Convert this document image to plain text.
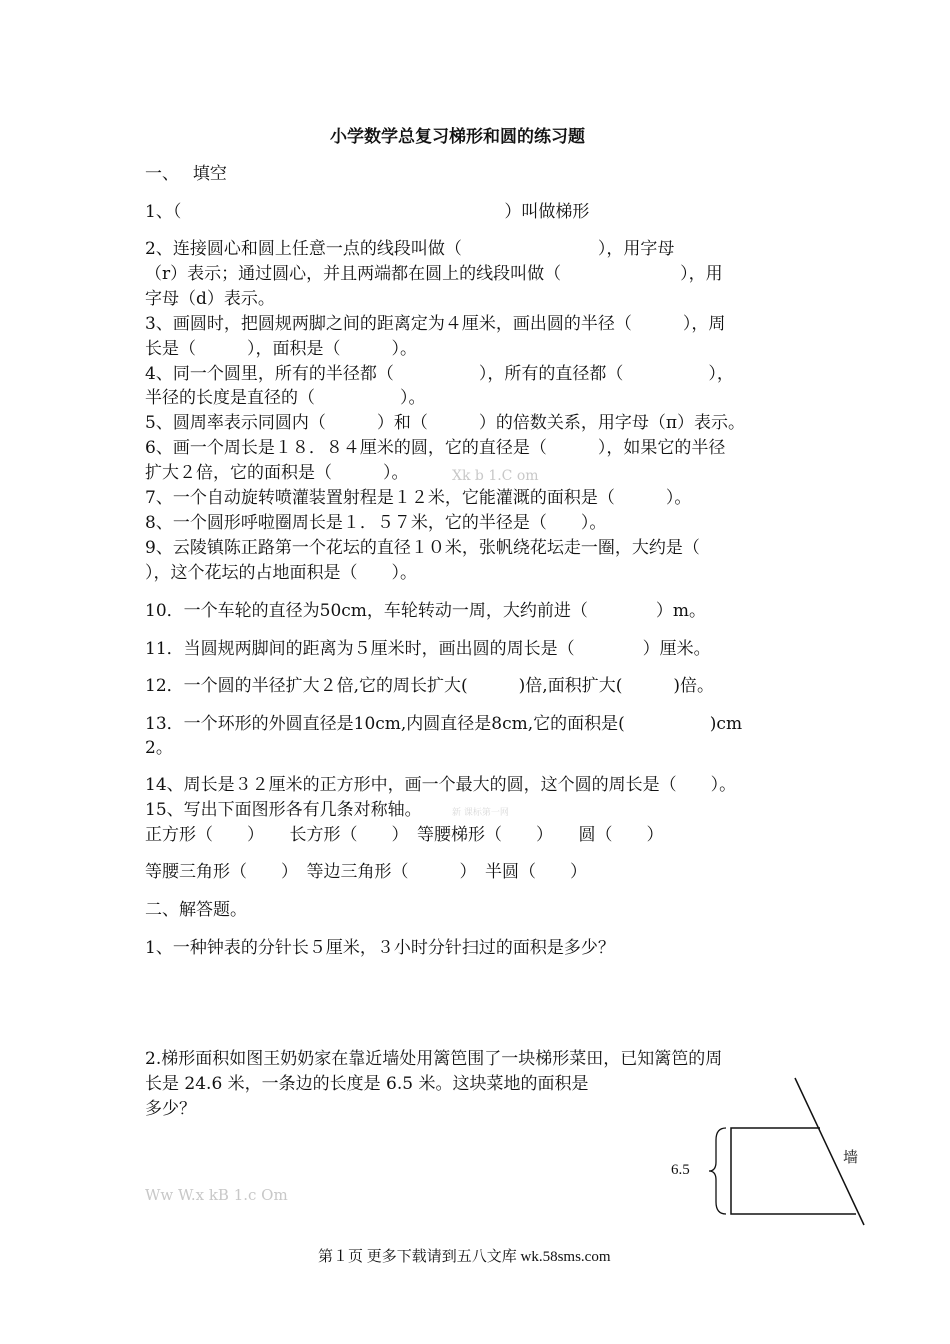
小学数学总复习梯形和圆的练习题
一、　 填空
1、（　　　　　　　　　　　　　　　　　　　）叫做梯形
2、连接圆心和圆上任意一点的线段叫做（　　　　　　　　），用字母
（r）表示；通过圆心，并且两端都在圆上的线段叫做（　　　　　　　），用
字母（d）表示。
3、画圆时，把圆规两脚之间的距离定为４厘米，画出圆的半径（　　　），周
长是（　　　），面积是（　　　）。
4、同一个圆里，所有的半径都（　　　　　），所有的直径都（　　　　　），
半径的长度是直径的（　　　　　）。
5、圆周率表示同圆内（　　　）和（　　　）的倍数关系，用字母（π）表示。
6、画一个周长是１８．８４厘米的圆，它的直径是（　　　），如果它的半径
扩大２倍，它的面积是（　　　）。	Xk b 1.C om
7、一个自动旋转喷灌装置射程是１２米，它能灌溉的面积是（　　　）。
8、一个圆形呼啦圈周长是１．５７米，它的半径是（　　）。
9、云陵镇陈正路第一个花坛的直径１０米，张帆绕花坛走一圈，大约是（
），这个花坛的占地面积是（　　）。
10．一个车轮的直径为50cm，车轮转动一周，大约前进（　　　　）m。
11．当圆规两脚间的距离为５厘米时，画出圆的周长是（　　　　）厘米。
12．一个圆的半径扩大２倍,它的周长扩大(　　　)倍,面积扩大(　　　)倍。
13．一个环形的外圆直径是10cm,内圆直径是8cm,它的面积是(　　　　　)cm
2。
14、周长是３２厘米的正方形中，画一个最大的圆，这个圆的周长是（　　）。
15、写出下面图形各有几条对称轴。	新 课标第一网
正方形（　　）　　长方形（　　）　等腰梯形（　　）　　圆（　　）
等腰三角形（　　）　等边三角形（　　　）　半圆（　　）
二、解答题。
1、一种钟表的分针长５厘米，３小时分针扫过的面积是多少？
2.梯形面积如图王奶奶家在靠近墙处用篱笆围了一块梯形菜田，已知篱笆的周
长是 24.6 米，一条边的长度是 6.5 米。这块菜地的面积是
多少？
6.5
墙
Ww W.x kB 1.c Om
第１页 更多下载请到五八文库 wk.58sms.com
